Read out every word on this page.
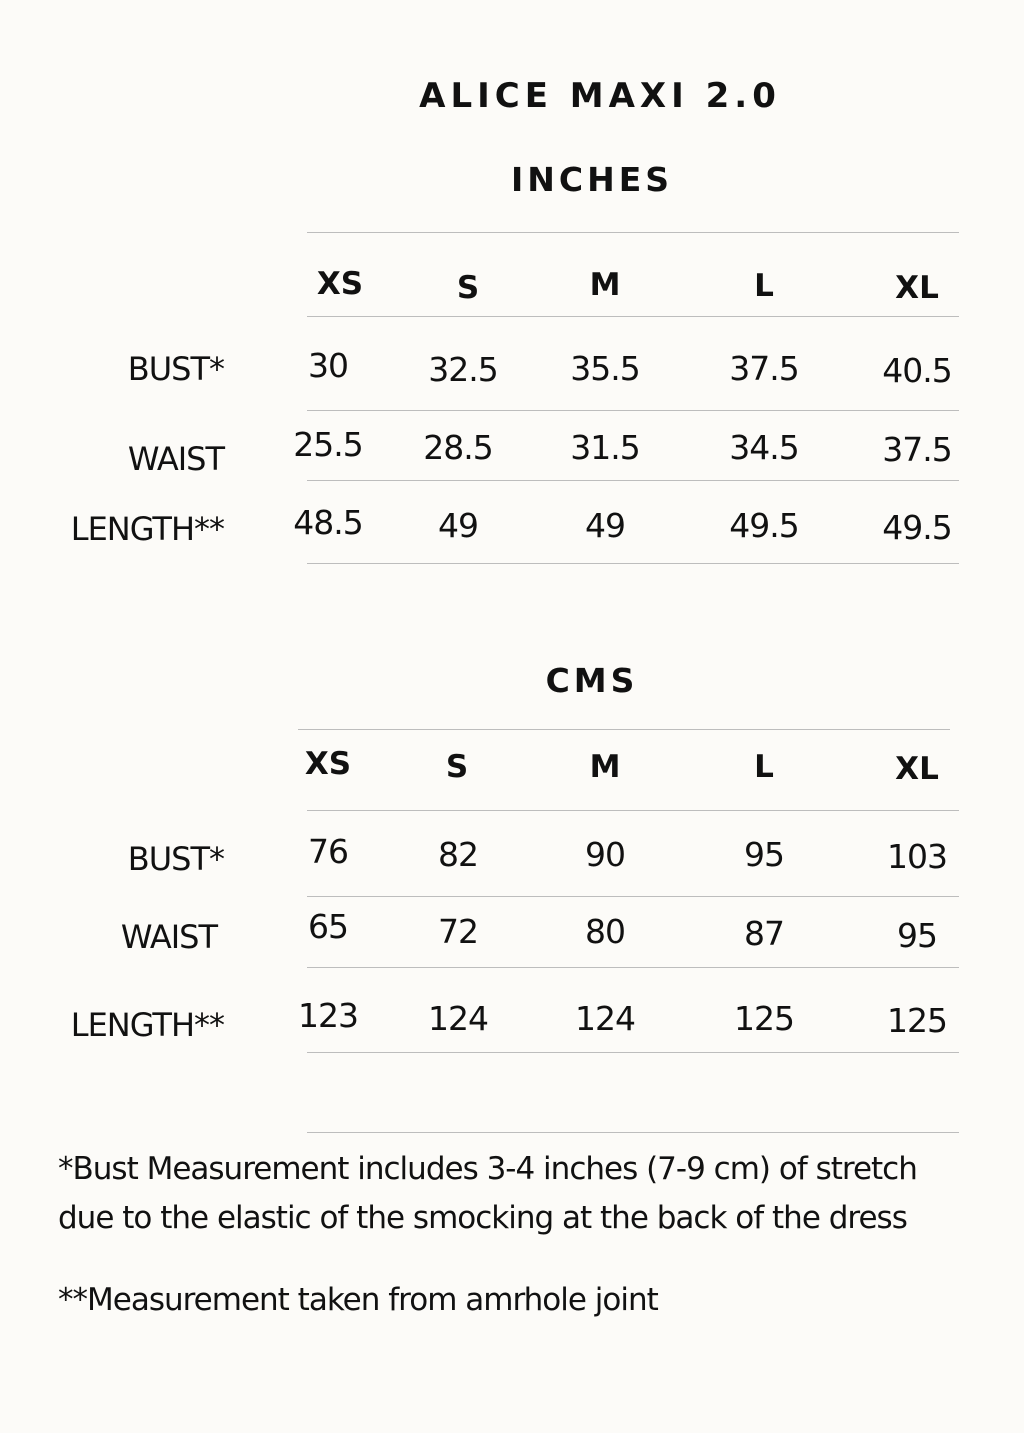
ALICE MAXI 2.0
INCHES
XS	S	M	L	XL
BUST*	30 32.5 35.5	37.5	40.5
WAIST 25.5 28.5 31.5	34.5	37.5
LENGTH** 48.5 49	49	49.5	49.5
CMS
XS	S	M	L	XL
BUST*	76	82	90	95	103
WAIST	65	72	80	87	95
LENGTH** 123 124	124	125	125

*Bust Measurement includes 3-4 inches (7-9 cm) of stretch due to the elastic of the smocking at the back of the dress

**Measurement taken from amrhole joint
